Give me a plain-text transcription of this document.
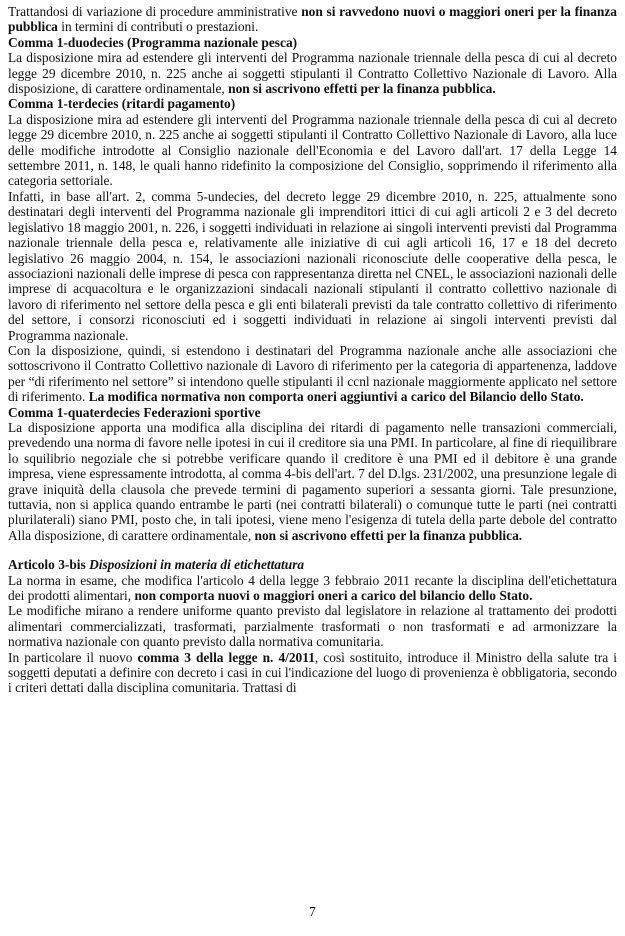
Trattandosi di variazione di procedure amministrative non si ravvedono nuovi o maggiori oneri per la finanza pubblica in termini di contributi o prestazioni.

Comma 1-duodecies (Programma nazionale pesca)

La disposizione mira ad estendere gli interventi del Programma nazionale triennale della pesca di cui al decreto legge 29 dicembre 2010, n. 225 anche ai soggetti stipulanti il Contratto Collettivo Nazionale di Lavoro. Alla disposizione, di carattere ordinamentale, non si ascrivono effetti per la finanza pubblica.

Comma 1-terdecies (ritardi pagamento)

La disposizione mira ad estendere gli interventi del Programma nazionale triennale della pesca di cui al decreto legge 29 dicembre 2010, n. 225 anche ai soggetti stipulanti il Contratto Collettivo Nazionale di Lavoro, alla luce delle modifiche introdotte al Consiglio nazionale dell'Economia e del Lavoro dall'art. 17 della Legge 14 settembre 2011, n. 148, le quali hanno ridefinito la composizione del Consiglio, sopprimendo il riferimento alla categoria settoriale.

Infatti, in base all'art. 2, comma 5-undecies, del decreto legge 29 dicembre 2010, n. 225, attualmente sono destinatari degli interventi del Programma nazionale gli imprenditori ittici di cui agli articoli 2 e 3 del decreto legislativo 18 maggio 2001, n. 226, i soggetti individuati in relazione ai singoli interventi previsti dal Programma nazionale triennale della pesca e, relativamente alle iniziative di cui agli articoli 16, 17 e 18 del decreto legislativo 26 maggio 2004, n. 154, le associazioni nazionali riconosciute delle cooperative della pesca, le associazioni nazionali delle imprese di pesca con rappresentanza diretta nel CNEL, le associazioni nazionali delle imprese di acquacoltura e le organizzazioni sindacali nazionali stipulanti il contratto collettivo nazionale di lavoro di riferimento nel settore della pesca e gli enti bilaterali previsti da tale contratto collettivo di riferimento del settore, i consorzi riconosciuti ed i soggetti individuati in relazione ai singoli interventi previsti dal Programma nazionale.

Con la disposizione, quindi, si estendono i destinatari del Programma nazionale anche alle associazioni che sottoscrivono il Contratto Collettivo nazionale di Lavoro di riferimento per la categoria di appartenenza, laddove per “di riferimento nel settore” si intendono quelle stipulanti il ccnl nazionale maggiormente applicato nel settore di riferimento. La modifica normativa non comporta oneri aggiuntivi a carico del Bilancio dello Stato.

Comma 1-quaterdecies Federazioni sportive

La disposizione apporta una modifica alla disciplina dei ritardi di pagamento nelle transazioni commerciali, prevedendo una norma di favore nelle ipotesi in cui il creditore sia una PMI. In particolare, al fine di riequilibrare lo squilibrio negoziale che si potrebbe verificare quando il creditore è una PMI ed il debitore è una grande impresa, viene espressamente introdotta, al comma 4-bis dell'art. 7 del D.lgs. 231/2002, una presunzione legale di grave iniquità della clausola che prevede termini di pagamento superiori a sessanta giorni. Tale presunzione, tuttavia, non si applica quando entrambe le parti (nei contratti bilaterali) o comunque tutte le parti (nei contratti plurilaterali) siano PMI, posto che, in tali ipotesi, viene meno l'esigenza di tutela della parte debole del contratto Alla disposizione, di carattere ordinamentale, non si ascrivono effetti per la finanza pubblica.

Articolo 3-bis Disposizioni in materia di etichettatura

La norma in esame, che modifica l'articolo 4 della legge 3 febbraio 2011 recante la disciplina dell'etichettatura dei prodotti alimentari, non comporta nuovi o maggiori oneri a carico del bilancio dello Stato.

Le modifiche mirano a rendere uniforme quanto previsto dal legislatore in relazione al trattamento dei prodotti alimentari commercializzati, trasformati, parzialmente trasformati o non trasformati e ad armonizzare la normativa nazionale con quanto previsto dalla normativa comunitaria.

In particolare il nuovo comma 3 della legge n. 4/2011, così sostituito, introduce il Ministro della salute tra i soggetti deputati a definire con decreto i casi in cui l'indicazione del luogo di provenienza è obbligatoria, secondo i criteri dettati dalla disciplina comunitaria. Trattasi di

7
